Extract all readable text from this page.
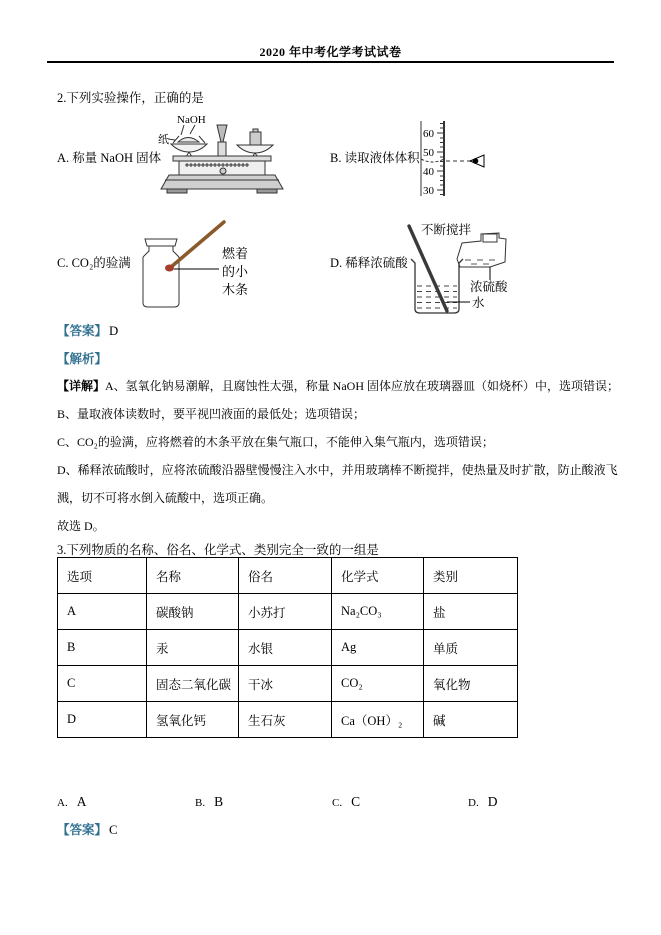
2020 年中考化学考试试卷
2.下列实验操作，正确的是
A. 称量 NaOH 固体
NaOH
纸
B. 读取液体体积
60
50
40
30
C. CO₂的验满
燃着
的小
木条
D. 稀释浓硫酸
不断搅拌
浓硫酸
水
【答案】 D
【解析】

【详解】A、氢氧化钠易潮解，且腐蚀性太强，称量 NaOH 固体应放在玻璃器皿（如烧杯）中，选项错误；

B、量取液体读数时，要平视凹液面的最低处；选项错误；

C、CO₂的验满，应将燃着的木条平放在集气瓶口，不能伸入集气瓶内，选项错误；

D、稀释浓硫酸时，应将浓硫酸沿器壁慢慢注入水中，并用玻璃棒不断搅拌，使热量及时扩散，防止酸液飞溅，切不可将水倒入硫酸中，选项正确。

故选 D。

3.下列物质的名称、俗名、化学式、类别完全一致的一组是
选项	名称	俗名	化学式	类别
A	碳酸钠	小苏打	Na₂CO₃	盐
B	汞	水银	Ag	单质
C	固态二氧化碳	干冰	CO₂	氧化物
D	氢氧化钙	生石灰	Ca（OH）₂	碱
A. A	B. B	C. C	D. D
【答案】 C
